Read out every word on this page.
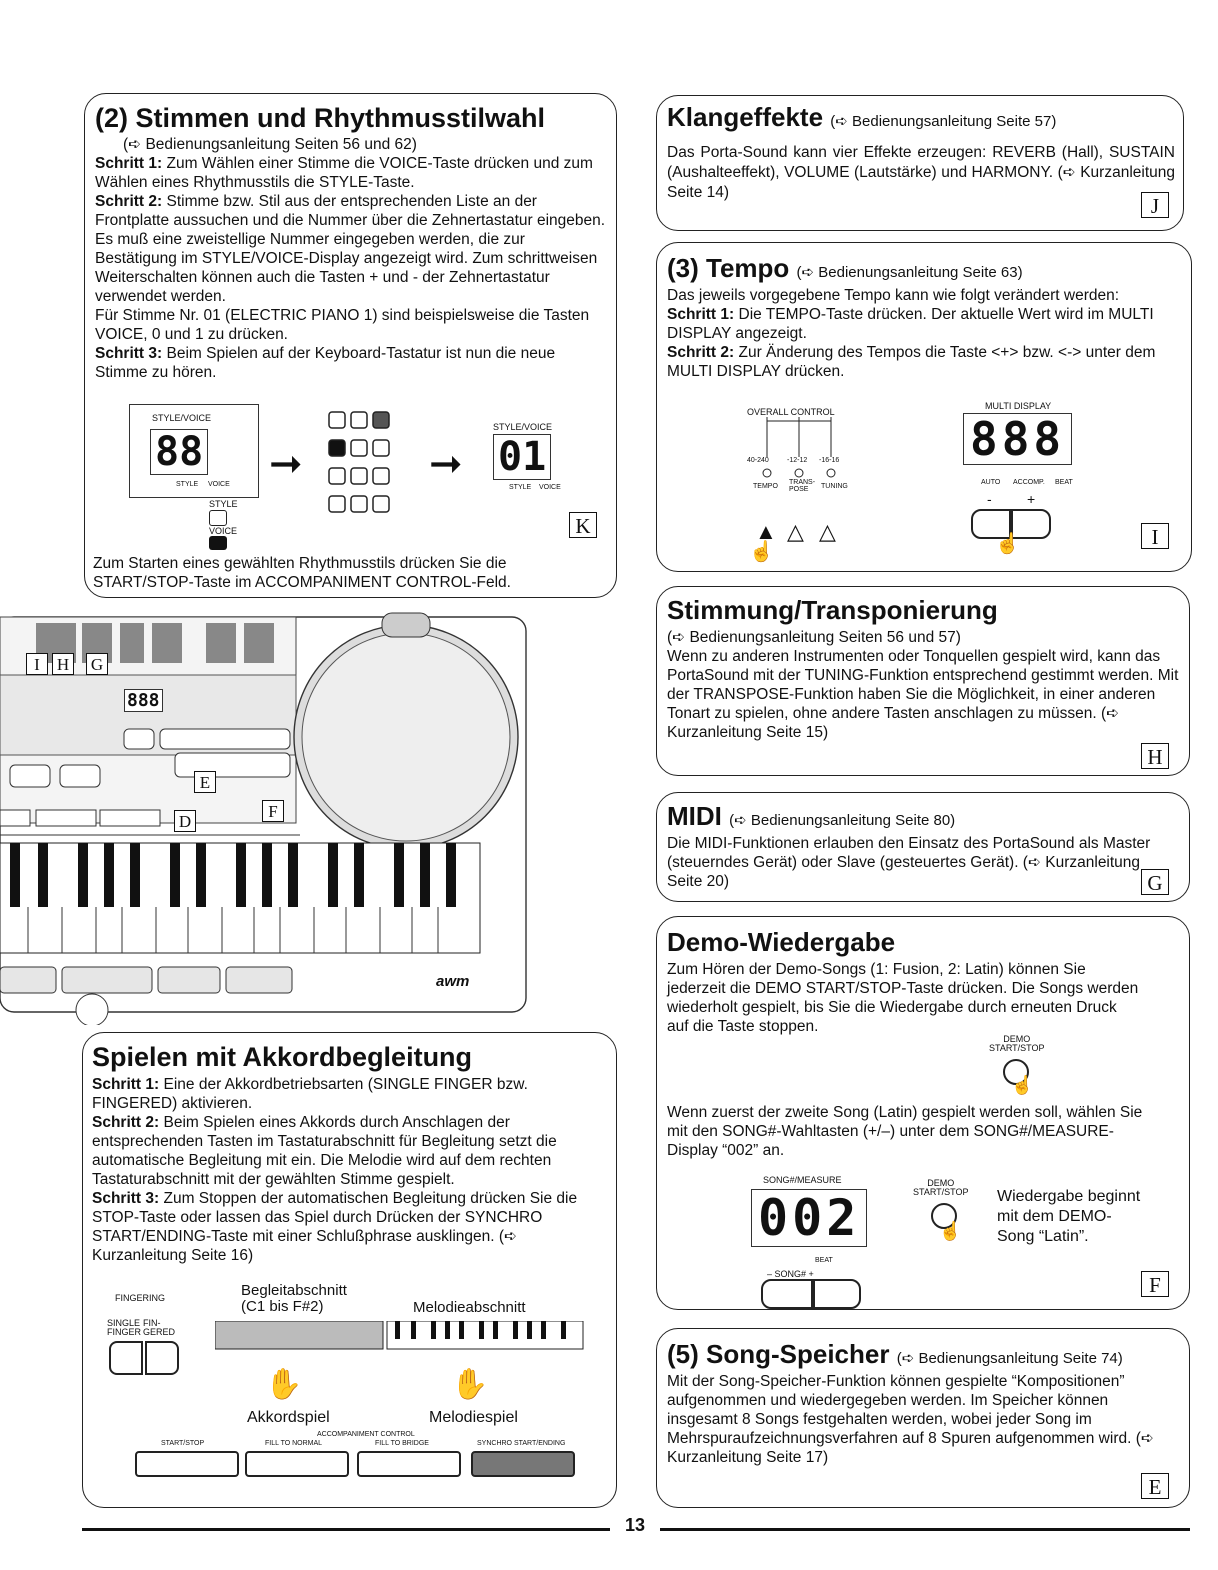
(2) Stimmen und Rhythmusstilwahl

(➪ Bedienungsanleitung Seiten 56 und 62)

Schritt 1: Zum Wählen einer Stimme die VOICE-Taste drücken und zum Wählen eines Rhythmusstils die STYLE-Taste.

Schritt 2: Stimme bzw. Stil aus der entsprechenden Liste an der Frontplatte aussuchen und die Nummer über die Zehnertastatur eingeben. Es muß eine zweistellige Nummer eingegeben werden, die zur Bestätigung im STYLE/VOICE-Display angezeigt wird. Zum schrittweisen Weiterschalten können auch die Tasten + und - der Zehnertastatur verwendet werden.

Für Stimme Nr. 01 (ELECTRIC PIANO 1) sind beispielsweise die Tasten VOICE, 0 und 1 zu drücken.

Schritt 3: Beim Spielen auf der Keyboard-Tastatur ist nun die neue Stimme zu hören.

STYLE/VOICE
88
STYLE VOICE
STYLE
VOICE
➞	➞
STYLE/VOICE
01
STYLE VOICE
K

Zum Starten eines gewählten Rhythmusstils drücken Sie die START/STOP-Taste im ACCOMPANIMENT CONTROL-Feld.

888
I	H G
E
D
F
awm

Spielen mit Akkordbegleitung

Schritt 1: Eine der Akkordbetriebsarten (SINGLE FINGER bzw. FINGERED) aktivieren.

Schritt 2: Beim Spielen eines Akkords durch Anschlagen der entsprechenden Tasten im Tastaturabschnitt für Begleitung setzt die automatische Begleitung mit ein. Die Melodie wird auf dem rechten Tastaturabschnitt mit der gewählten Stimme gespielt.

Schritt 3: Zum Stoppen der automatischen Begleitung drücken Sie die STOP-Taste oder lassen das Spiel durch Drücken der SYNCHRO START/ENDING-Taste mit einer Schlußphrase ausklingen. (➪ Kurzanleitung Seite 16)

FINGERING
SINGLE
FINGER
FIN-
GERED
Begleitabschnitt
(C1 bis F#2)	Melodieabschnitt
✋	✋
Akkordspiel	Melodiespiel
ACCOMPANIMENT CONTROL
START/STOP	FILL TO NORMAL	FILL TO BRIDGE	SYNCHRO START/ENDING

Klangeffekte (➪ Bedienungsanleitung Seite 57)

Das Porta-Sound kann vier Effekte erzeugen: REVERB (Hall), SUSTAIN (Aushalteeffekt), VOLUME (Lautstärke) und HARMONY. (➪ Kurzanleitung Seite 14)

J

(3) Tempo (➪ Bedienungsanleitung Seite 63)

Das jeweils vorgegebene Tempo kann wie folgt verändert werden:

Schritt 1: Die TEMPO-Taste drücken. Der aktuelle Wert wird im MULTI DISPLAY angezeigt.

Schritt 2: Zur Änderung des Tempos die Taste <+> bzw. <-> unter dem MULTI DISPLAY drücken.

OVERALL CONTROL
40-240	-12-12 -16-16
TEMPO
TRANS-
POSE	TUNING
▲ △ △
☝
MULTI DISPLAY
888
AUTO ACCOMP. BEAT
-	+
☝	I

Stimmung/Transponierung

(➪ Bedienungsanleitung Seiten 56 und 57)

Wenn zu anderen Instrumenten oder Tonquellen gespielt wird, kann das PortaSound mit der TUNING-Funktion entsprechend gestimmt werden. Mit der TRANSPOSE-Funktion haben Sie die Möglichkeit, in einer anderen Tonart zu spielen, ohne andere Tasten anschlagen zu müssen. (➪ Kurzanleitung Seite 15)

H

MIDI (➪ Bedienungsanleitung Seite 80)

Die MIDI-Funktionen erlauben den Einsatz des PortaSound als Master (steuerndes Gerät) oder Slave (gesteuertes Gerät). (➪ Kurzanleitung Seite 20)	G

Demo-Wiedergabe

Zum Hören der Demo-Songs (1: Fusion, 2: Latin) können Sie jederzeit die DEMO START/STOP-Taste drücken. Die Songs werden wiederholt gespielt, bis Sie die Wiedergabe durch erneuten Druck auf die Taste stoppen.

DEMO
START/STOP
☝

Wenn zuerst der zweite Song (Latin) gespielt werden soll, wählen Sie mit den SONG#-Wahltasten (+/–) unter dem SONG#/MEASURE-Display “002” an.

SONG#/MEASURE
002
BEAT
– SONG# +
DEMO
START/STOP
☝

Wiedergabe beginnt mit dem DEMO-Song “Latin”.

F

(5) Song-Speicher (➪ Bedienungsanleitung Seite 74)

Mit der Song-Speicher-Funktion können gespielte “Kompositionen” aufgenommen und wiedergegeben werden. Im Speicher können insgesamt 8 Songs festgehalten werden, wobei jeder Song im Mehrspuraufzeichnungsverfahren auf 8 Spuren aufgenommen wird. (➪ Kurzanleitung Seite 17)

E
13
